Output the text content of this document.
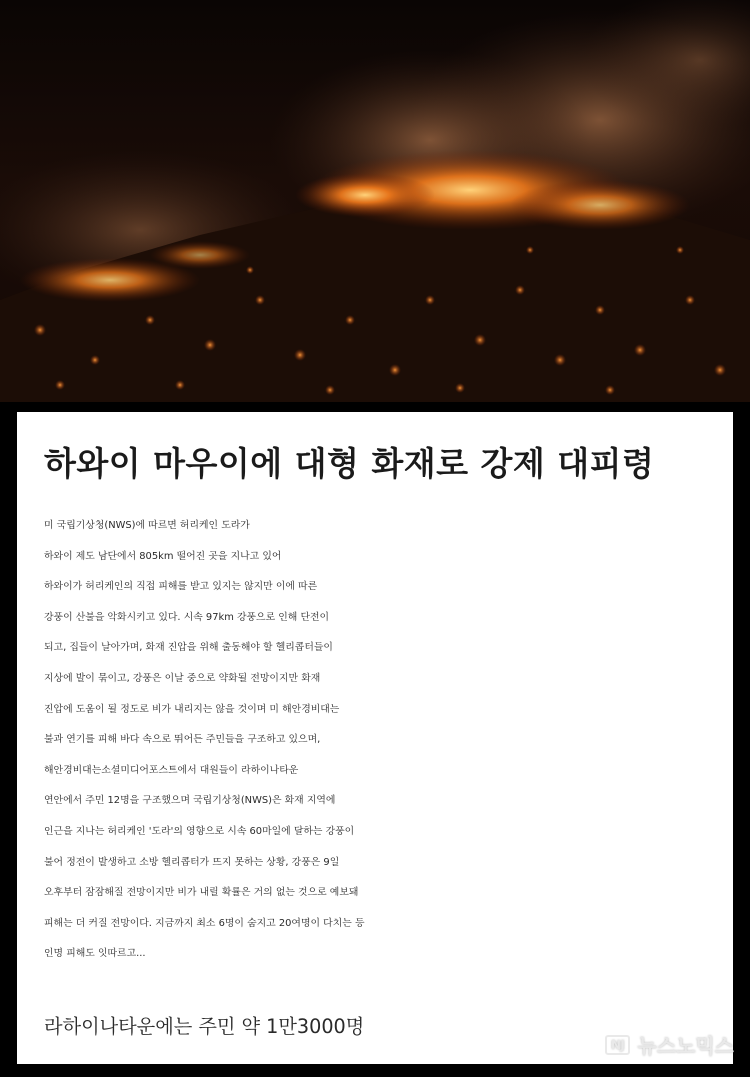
하와이 마우이에 대형 화재로 강제 대피령
미 국립기상청(NWS)에 따르면 허리케인 도라가
하와이 제도 남단에서 805km 떨어진 곳을 지나고 있어
하와이가 허리케인의 직접 피해를 받고 있지는 않지만 이에 따른
강풍이 산불을 악화시키고 있다. 시속 97km 강풍으로 인해 단전이
되고, 집들이 날아가며, 화재 진압을 위해 출동해야 할 헬리콥터들이
지상에 발이 묶이고, 강풍은 이날 중으로 약화될 전망이지만 화재
진압에 도움이 될 정도로 비가 내리지는 않을 것이며 미 해안경비대는
불과 연기를 피해 바다 속으로 뛰어든 주민들을 구조하고 있으며,
해안경비대는소셜미디어포스트에서 대원들이 라하이나타운
연안에서 주민 12명을 구조했으며 국립기상청(NWS)은 화재 지역에
인근을 지나는 허리케인 '도라'의 영향으로 시속 60마일에 달하는 강풍이
불어 정전이 발생하고 소방 헬리콥터가 뜨지 못하는 상황, 강풍은 9일
오후부터 잠잠해질 전망이지만 비가 내릴 확률은 거의 없는 것으로 예보돼
피해는 더 커질 전망이다. 지금까지 최소 6명이 숨지고 20여명이 다치는 등
인명 피해도 잇따르고...
라하이나타운에는 주민 약 1만3000명
NJ 뉴스노믹스
